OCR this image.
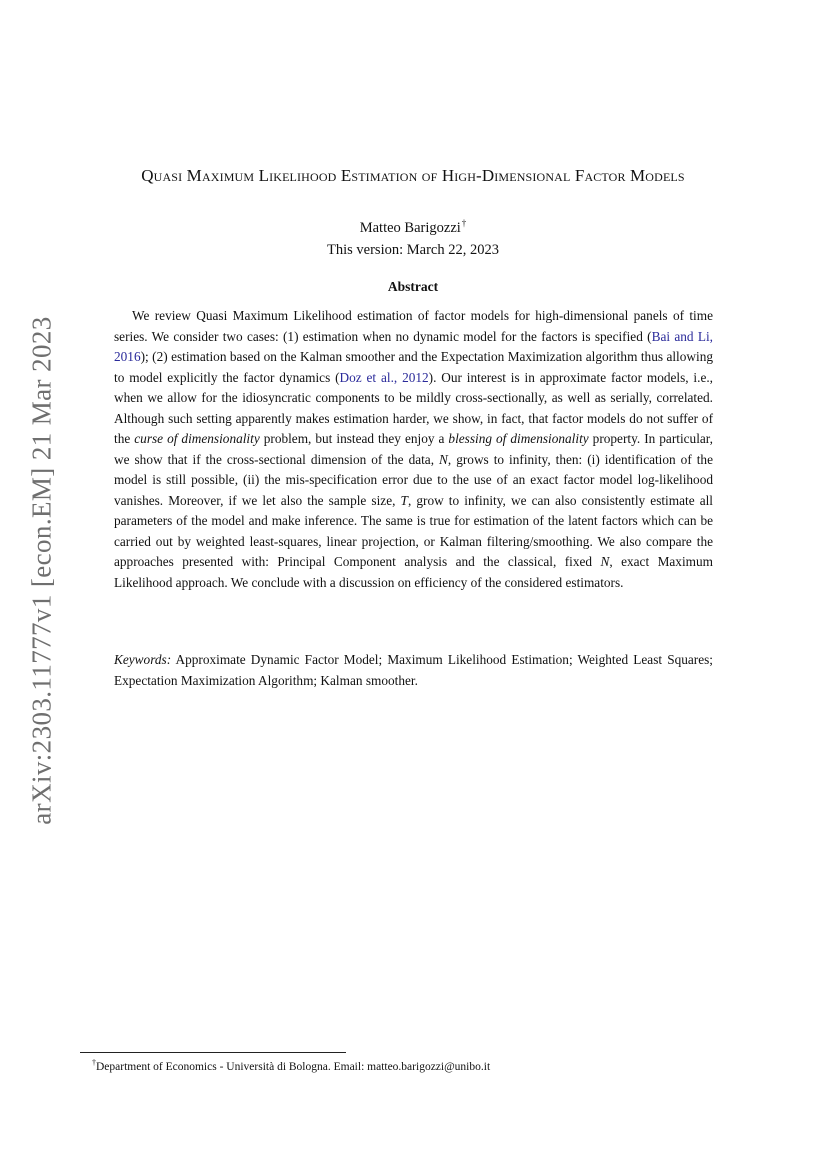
arXiv:2303.11777v1 [econ.EM] 21 Mar 2023
Quasi Maximum Likelihood Estimation of High-Dimensional Factor Models
Matteo Barigozzi†
This version: March 22, 2023
Abstract

We review Quasi Maximum Likelihood estimation of factor models for high-dimensional panels of time series. We consider two cases: (1) estimation when no dynamic model for the factors is specified (Bai and Li, 2016); (2) estimation based on the Kalman smoother and the Expectation Maximization algorithm thus allowing to model explicitly the factor dynamics (Doz et al., 2012). Our interest is in approximate factor models, i.e., when we allow for the idiosyncratic components to be mildly cross-sectionally, as well as serially, correlated. Although such setting apparently makes estimation harder, we show, in fact, that factor models do not suffer of the curse of dimensionality problem, but instead they enjoy a blessing of dimensionality property. In particular, we show that if the cross-sectional dimension of the data, N, grows to infinity, then: (i) identification of the model is still possible, (ii) the mis-specification error due to the use of an exact factor model log-likelihood vanishes. Moreover, if we let also the sample size, T, grow to infinity, we can also consistently estimate all parameters of the model and make inference. The same is true for estimation of the latent factors which can be carried out by weighted least-squares, linear projection, or Kalman filtering/smoothing. We also compare the approaches presented with: Principal Component analysis and the classical, fixed N, exact Maximum Likelihood approach. We conclude with a discussion on efficiency of the considered estimators.

Keywords: Approximate Dynamic Factor Model; Maximum Likelihood Estimation; Weighted Least Squares; Expectation Maximization Algorithm; Kalman smoother.

†Department of Economics - Università di Bologna. Email: matteo.barigozzi@unibo.it
